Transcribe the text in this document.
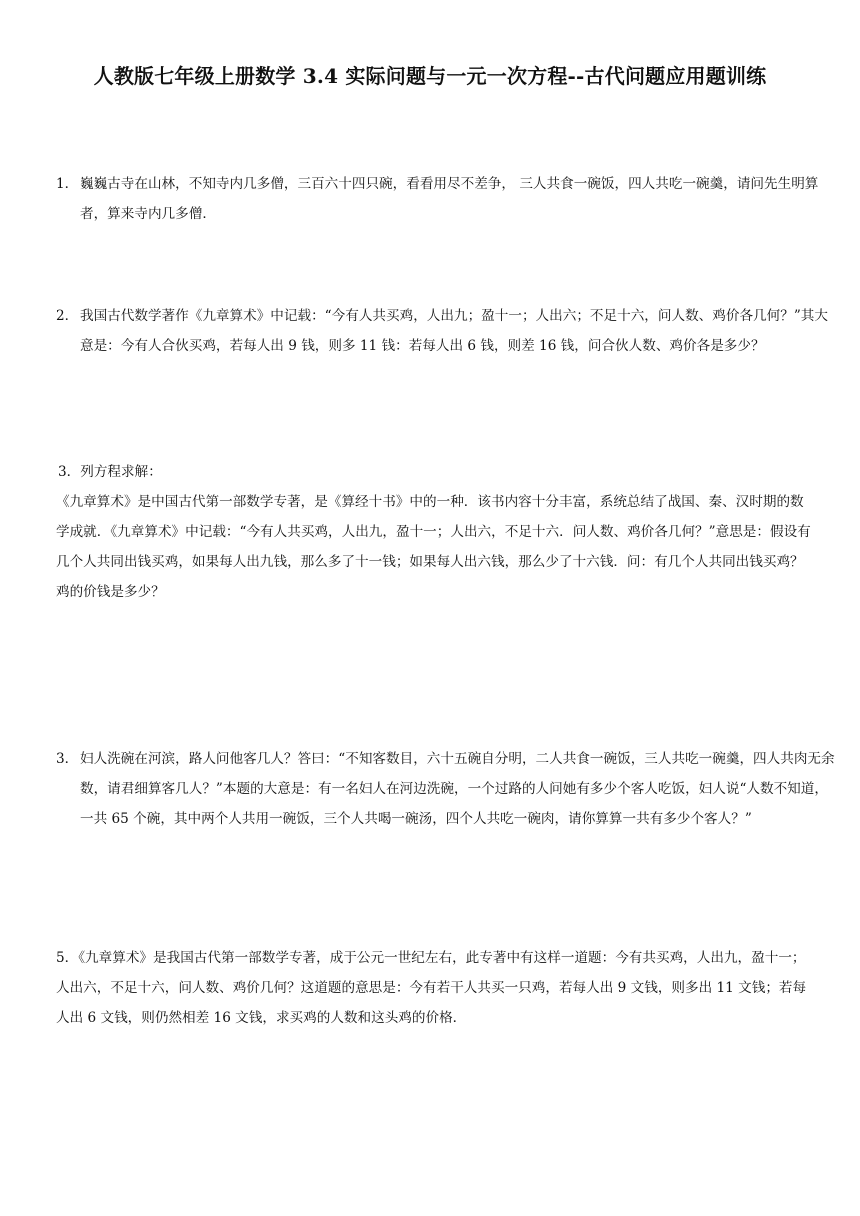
人教版七年级上册数学 3.4 实际问题与一元一次方程--古代问题应用题训练
1． 巍巍古寺在山林，不知寺内几多僧，三百六十四只碗，看看用尽不差争， 三人共食一碗饭，四人共吃一碗羹，请问先生明算者，算来寺内几多僧．
2． 我国古代数学著作《九章算术》中记载：“今有人共买鸡，人出九；盈十一；人出六；不足十六，问人数、鸡价各几何？”其大意是：今有人合伙买鸡，若每人出 9 钱，则多 11 钱：若每人出 6 钱，则差 16 钱，问合伙人数、鸡价各是多少？
3．列方程求解：
《九章算术》是中国古代第一部数学专著，是《算经十书》中的一种．该书内容十分丰富，系统总结了战国、秦、汉时期的数学成就．《九章算术》中记载：“今有人共买鸡，人出九，盈十一；人出六，不足十六．问人数、鸡价各几何？”意思是：假设有几个人共同出钱买鸡，如果每人出九钱，那么多了十一钱；如果每人出六钱，那么少了十六钱．问：有几个人共同出钱买鸡？鸡的价钱是多少？
3． 妇人洗碗在河滨，路人问他客几人？答曰：“不知客数目，六十五碗自分明，二人共食一碗饭，三人共吃一碗羹，四人共肉无余数，请君细算客几人？”本题的大意是：有一名妇人在河边洗碗，一个过路的人问她有多少个客人吃饭，妇人说“人数不知道，一共 65 个碗，其中两个人共用一碗饭，三个人共喝一碗汤，四个人共吃一碗肉，请你算算一共有多少个客人？”
5．《九章算术》是我国古代第一部数学专著，成于公元一世纪左右，此专著中有这样一道题：今有共买鸡，人出九，盈十一；人出六，不足十六，问人数、鸡价几何？这道题的意思是：今有若干人共买一只鸡，若每人出 9 文钱，则多出 11 文钱；若每人出 6 文钱，则仍然相差 16 文钱，求买鸡的人数和这头鸡的价格．
